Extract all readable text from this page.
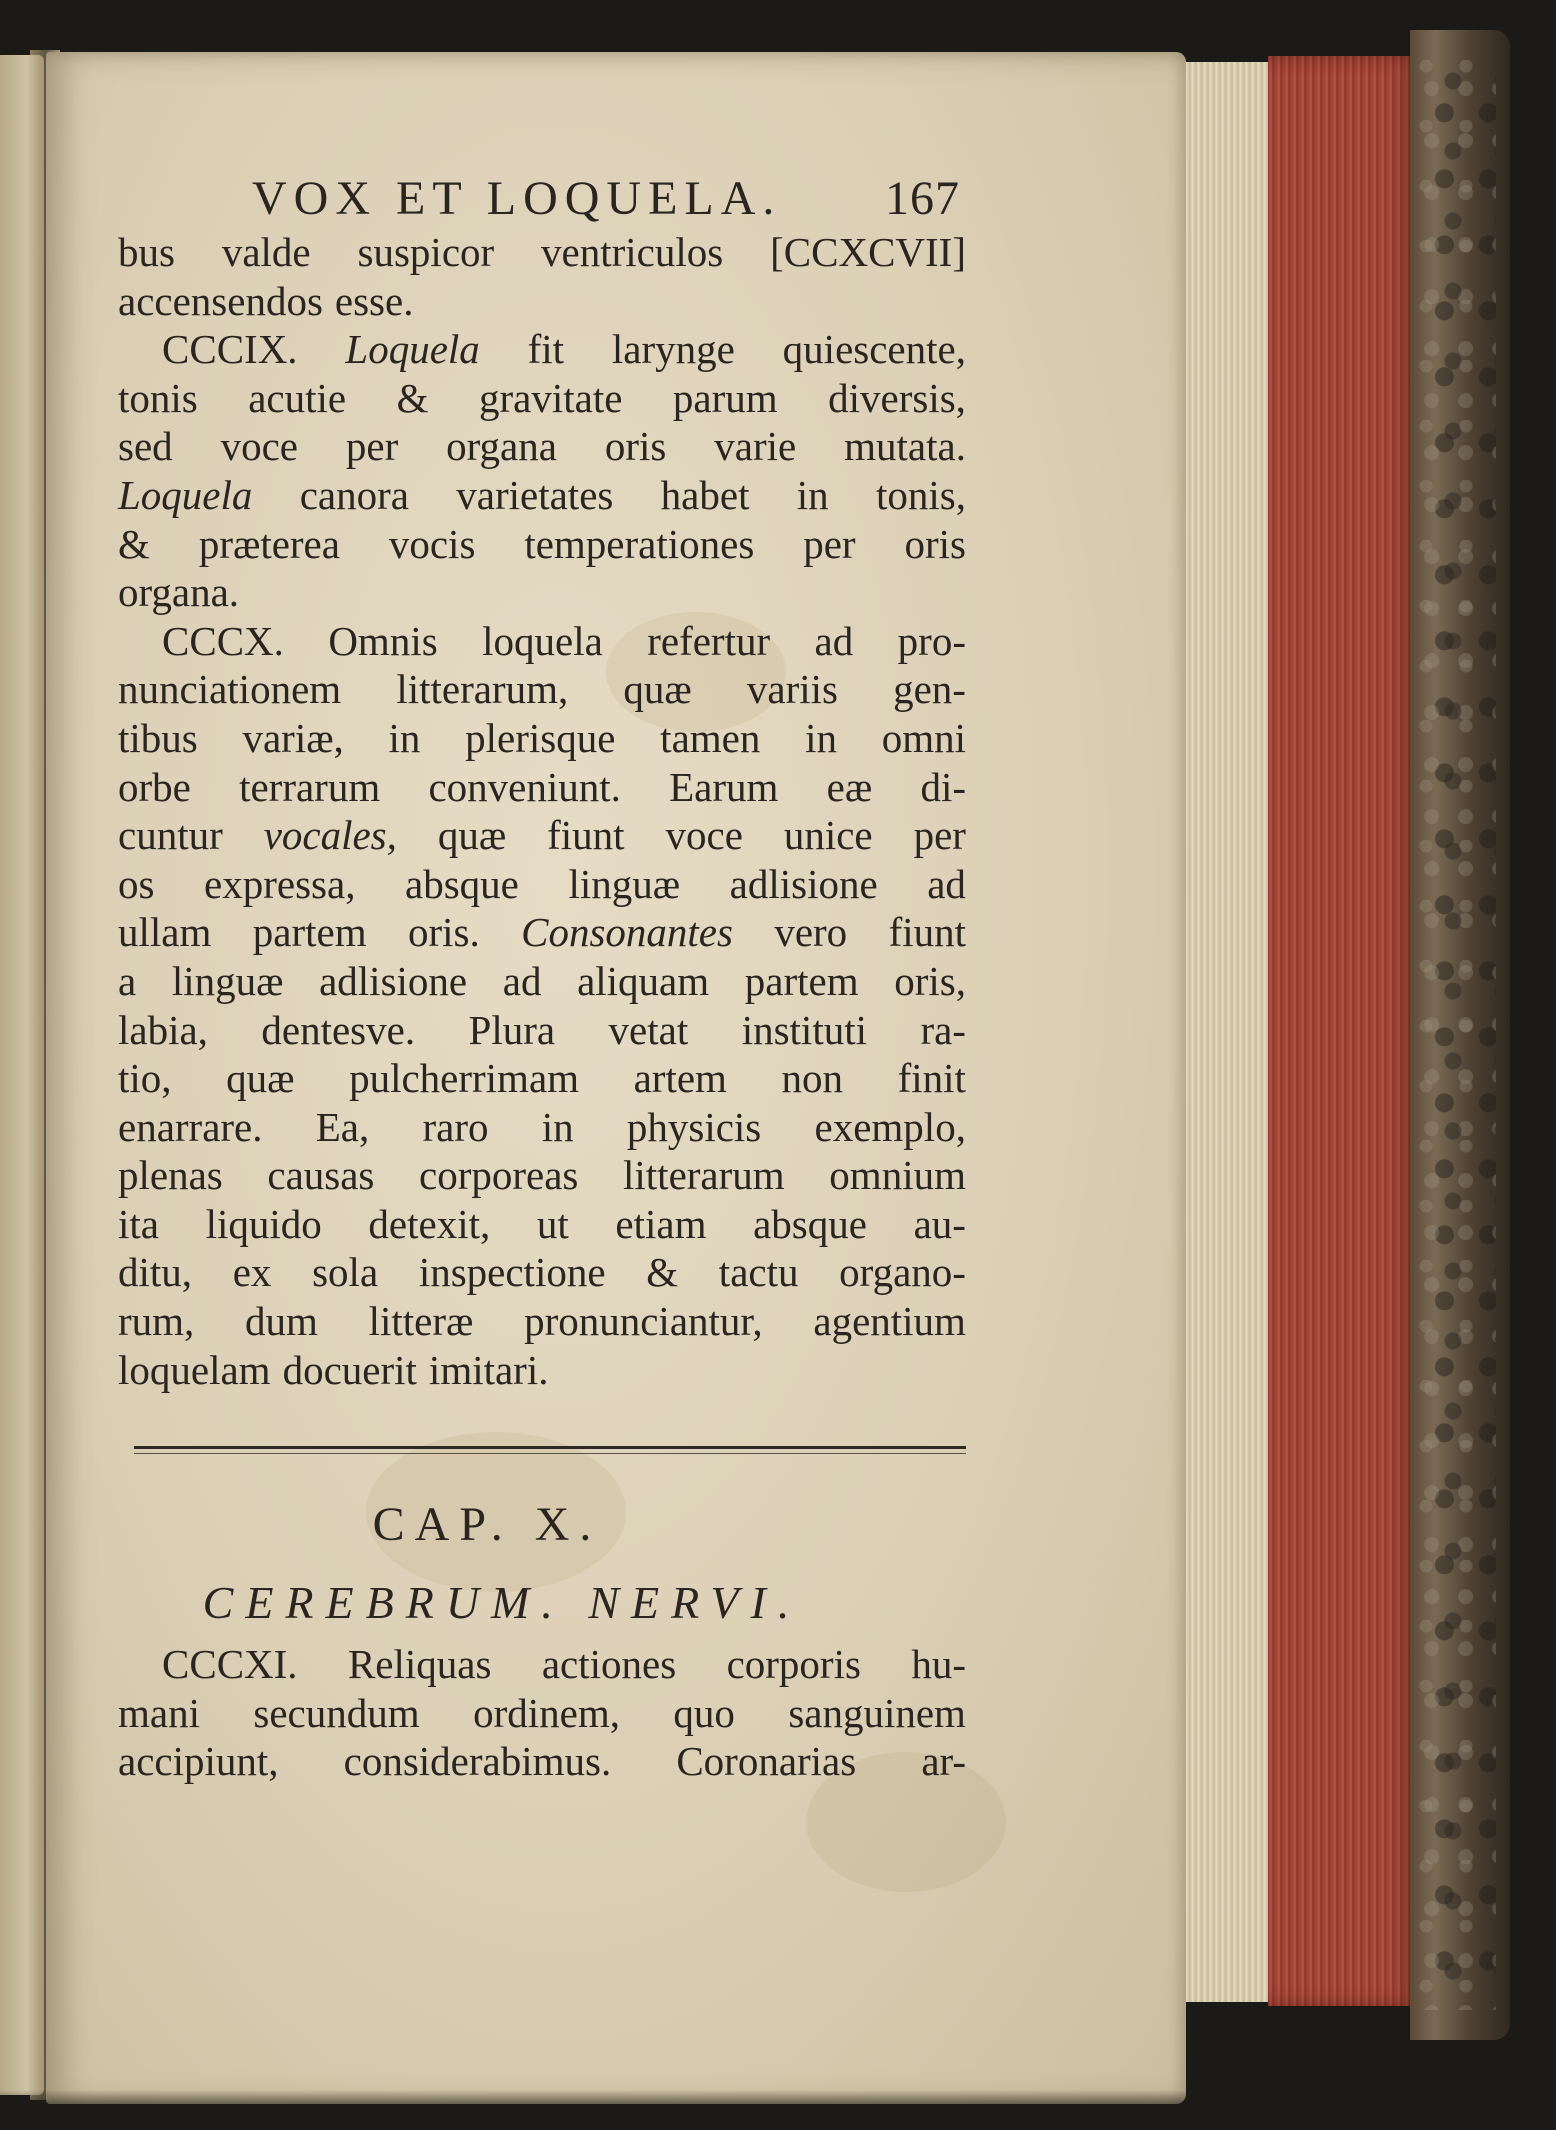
VOX ET LOQUELA. 167
bus valde suspicor ventriculos [CCXCVII]
accensendos esse.
CCCIX. Loquela fit larynge quiescente,
tonis acutie & gravitate parum diversis,
sed voce per organa oris varie mutata.
Loquela canora varietates habet in tonis,
& præterea vocis temperationes per oris
organa.
CCCX. Omnis loquela refertur ad pro-
nunciationem litterarum, quæ variis gen-
tibus variæ, in plerisque tamen in omni
orbe terrarum conveniunt. Earum eæ di-
cuntur vocales, quæ fiunt voce unice per
os expressa, absque linguæ adlisione ad
ullam partem oris. Consonantes vero fiunt
a linguæ adlisione ad aliquam partem oris,
labia, dentesve. Plura vetat instituti ra-
tio, quæ pulcherrimam artem non finit
enarrare. Ea, raro in physicis exemplo,
plenas causas corporeas litterarum omnium
ita liquido detexit, ut etiam absque au-
ditu, ex sola inspectione & tactu organo-
rum, dum litteræ pronunciantur, agentium
loquelam docuerit imitari.
CAP. X.
CEREBRUM. NERVI.
CCCXI. Reliquas actiones corporis hu-
mani secundum ordinem, quo sanguinem
accipiunt, considerabimus. Coronarias ar-
